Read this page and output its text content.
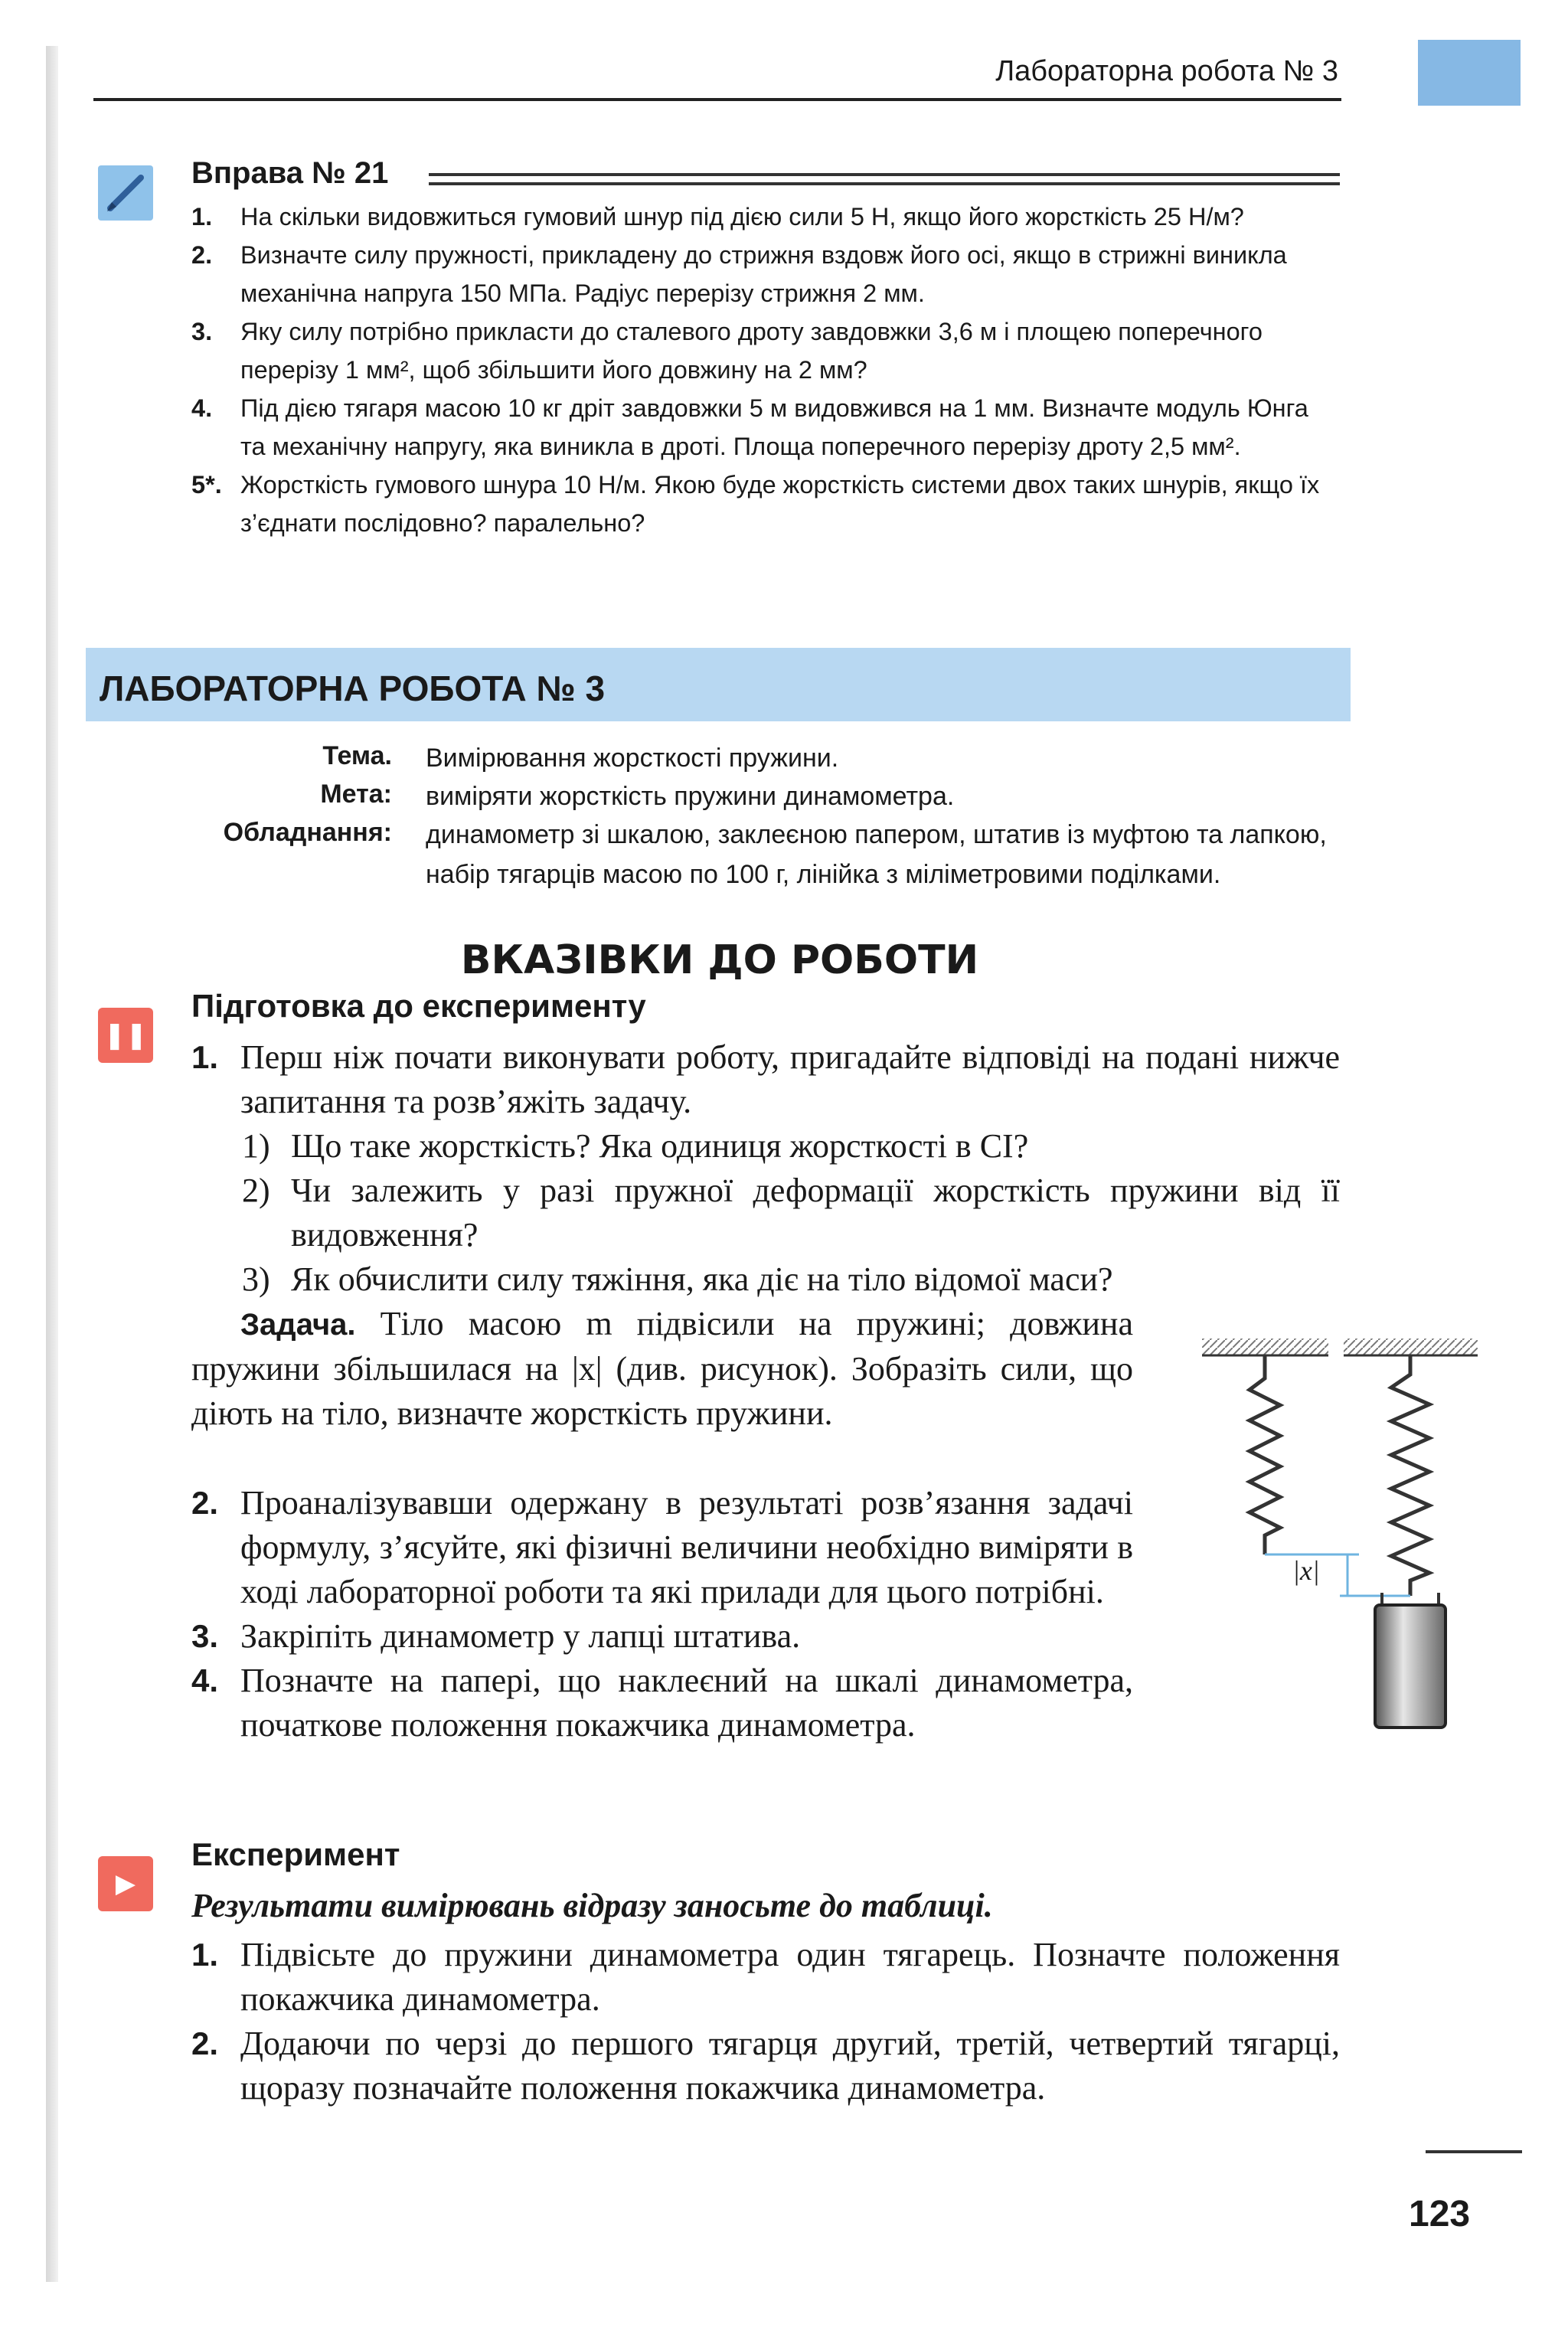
Лабораторна робота № 3
Вправа № 21
1. На скільки видовжиться гумовий шнур під дією сили 5 Н, якщо його жорсткість 25 Н/м?
2. Визначте силу пружності, прикладену до стрижня вздовж його осі, якщо в стрижні виникла механічна напруга 150 МПа. Радіус перерізу стрижня 2 мм.
3. Яку силу потрібно прикласти до сталевого дроту завдовжки 3,6 м і площею поперечного перерізу 1 мм², щоб збільшити його довжину на 2 мм?
4. Під дією тягаря масою 10 кг дріт завдовжки 5 м видовжився на 1 мм. Визначте модуль Юнга та механічну напругу, яка виникла в дроті. Площа поперечного перерізу дроту 2,5 мм².
5*. Жорсткість гумового шнура 10 Н/м. Якою буде жорсткість системи двох таких шнурів, якщо їх з’єднати послідовно? паралельно?
ЛАБОРАТОРНА РОБОТА № 3
Тема. Вимірювання жорсткості пружини.
Мета: виміряти жорсткість пружини динамометра.
Обладнання: динамометр зі шкалою, заклеєною папером, штатив із муфтою та лапкою, набір тягарців масою по 100 г, лінійка з міліметровими поділками.
ВКАЗІВКИ ДО РОБОТИ
❚❚
Підготовка до експерименту
1. Перш ніж почати виконувати роботу, пригадайте відповіді на подані нижче запитання та розв’яжіть задачу.
1) Що таке жорсткість? Яка одиниця жорсткості в СІ?
2) Чи залежить у разі пружної деформації жорсткість пружини від її видовження?
3) Як обчислити силу тяжіння, яка діє на тіло відомої маси?
Задача. Тіло масою m підвісили на пружині; довжина пружини збільшилася на |x| (див. рисунок). Зобразіть сили, що діють на тіло, визначте жорсткість пружини.
2. Проаналізувавши одержану в результаті розв’язання задачі формулу, з’ясуйте, які фізичні величини необхідно виміряти в ході лабораторної роботи та які прилади для цього потрібні.
3. Закріпіть динамометр у лапці штатива.
4. Позначте на папері, що наклеєний на шкалі динамометра, початкове положення покажчика динамометра.
|x|
▶
Експеримент
Результати вимірювань відразу заносьте до таблиці.
1. Підвісьте до пружини динамометра один тягарець. Позначте положення покажчика динамометра.
2. Додаючи по черзі до першого тягарця другий, третій, четвертий тягарці, щоразу позначайте положення покажчика динамометра.
123
